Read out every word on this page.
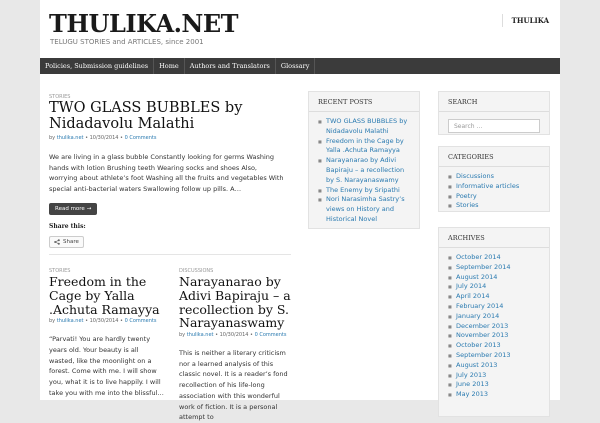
THULIKA.NET
TELUGU STORIES and ARTICLES, since 2001
THULIKA
Policies, Submission guidelines	Home	Authors and Translators	Glossary
STORIES
TWO GLASS BUBBLES by Nidadavolu Malathi
by thulika.net • 10/30/2014 • 0 Comments
We are living in a glass bubble Constantly looking for germs Washing hands with lotion Brushing teeth Wearing socks and shoes Also, worrying about athlete’s foot Washing all the fruits and vegetables With special anti-bacterial waters Swallowing follow up pills. A…
Read more →
Share this:
Share
STORIES
Freedom in the Cage by Yalla .Achuta Ramayya
by thulika.net • 10/30/2014 • 0 Comments
“Parvati! You are hardly twenty years old. Your beauty is all wasted, like the moonlight on a forest. Come with me. I will show you, what it is to live happily. I will take you with me into the blissful…
DISCUSSIONS
Narayanarao by Adivi Bapiraju – a recollection by S. Narayanaswamy
by thulika.net • 10/30/2014 • 0 Comments
This is neither a literary criticism nor a learned analysis of this classic novel. It is a reader’s fond recollection of his life-long association with this wonderful work of fiction. It is a personal attempt to
RECENT POSTS
■ TWO GLASS BUBBLES by Nidadavolu Malathi
■ Freedom in the Cage by Yalla .Achuta Ramayya
■ Narayanarao by Adivi Bapiraju – a recollection by S. Narayanaswamy
■ The Enemy by Sripathi
■ Nori Narasimha Sastry’s views on History and Historical Novel
SEARCH
Search ...
CATEGORIES
■ Discussions
■ Informative articles
■ Poetry
■ Stories
ARCHIVES
■ October 2014
■ September 2014
■ August 2014
■ July 2014
■ April 2014
■ February 2014
■ January 2014
■ December 2013
■ November 2013
■ October 2013
■ September 2013
■ August 2013
■ July 2013
■ June 2013
■ May 2013
